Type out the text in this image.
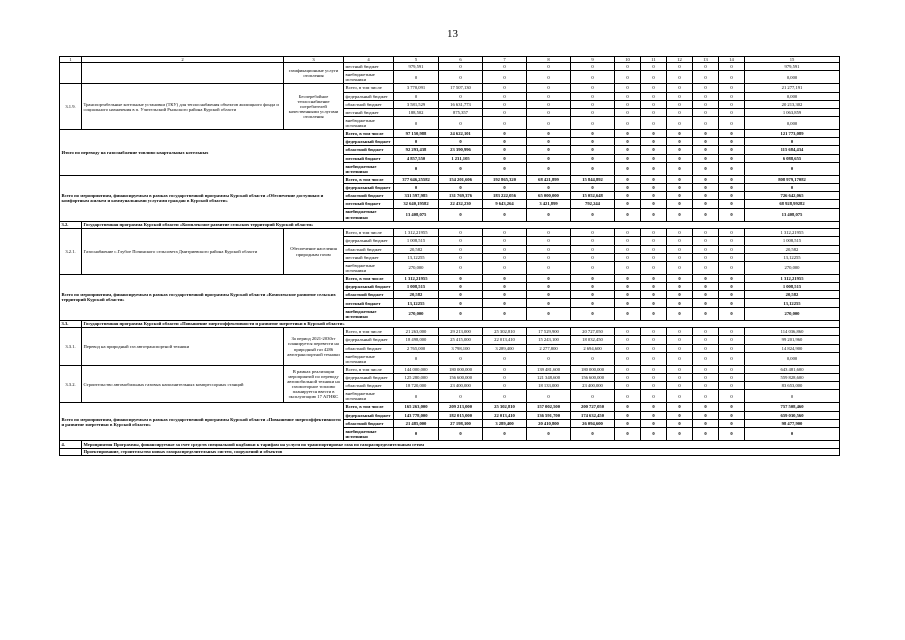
13
1	2	3	4	5	6	7	8	9	10	11	12	13	14	15
		газификационные услуги отопления	местный бюджет	979,591	0	0	0	0	0	0	0	0	0	979,591
			внебюджетные источники	0	0	0	0	0	0	0	0	0	0	0,000
3.1.9.	Транспортабельные котельные установки (ТКУ) для теплоснабжения объектов жилищного фонда и социального назначения в п. Учительский Рыльского района Курской области	Бесперебойное теплоснабжение потребителей качественными услугами отопления	Всего, в том числе	3 770,091	17 507,130	0	0	0	0	0	0	0	0	21 277,191
			федеральный бюджет	0	0	0	0	0	0	0	0	0	0	0,000
			областной бюджет	3 581,529	16 631,773	0	0	0	0	0	0	0	0	20 213,302
			местный бюджет	188,502	875,357	0	0	0	0	0	0	0	0	1 063,859
			внебюджетные источники	0	0	0	0	0	0	0	0	0	0	0,000
Итого по переводу на газоснабжение топливо квартальных котельных			Всего, в том числе	97 150,988	24 622,101	0	0	0	0	0	0	0	0	121 773,089
			федеральный бюджет	0	0	0	0	0	0	0	0	0	0	0
			областной бюджет	92 293,438	23 390,996	0	0	0	0	0	0	0	0	115 684,434
			местный бюджет	4 857,550	1 231,105	0	0	0	0	0	0	0	0	6 088,655
			внебюджетные источники	0	0	0	0	0	0	0	0	0	0	0
Всего по мероприятиям, финансируемым в рамках государственной программы Курской области «Обеспечение доступным и комфортным жильем и коммунальными услугами граждан в Курской области»			Всего, в том числе	377 646,25582	154 201,606	192 865,320	68 421,899	15 844,892	0	0	0	0	0	808 979,17082
			федеральный бюджет	0	0	0	0	0	0	0	0	0	0	0
			областной бюджет	331 597,985	131 769,376	183 222,056	65 000,000	15 052,648	0	0	0	0	0	726 642,065
			местный бюджет	32 640,19582	22 432,230	9 643,264	3 421,899	792,244	0	0	0	0	0	68 928,99282
			внебюджетные источники	13 408,075	0	0	0	0	0	0	0	0	0	13 408,075
3.2.	Государственная программа Курской области «Комплексное развитие сельских территорий Курской области»													
3.2.1.	Газоснабжение с.Глубое Починского сельсовета Дмитриевского района Курской области	Обеспечение населения природным газом	Всего, в том числе	1 312,21955	0	0	0	0	0	0	0	0	0	1 312,21955
			федеральный бюджет	1 008,515	0	0	0	0	0	0	0	0	0	1 008,515
			областной бюджет	20,582	0	0	0	0	0	0	0	0	0	20,582
			местный бюджет	13,12255	0	0	0	0	0	0	0	0	0	13,12255
			внебюджетные источники	270,000	0	0	0	0	0	0	0	0	0	270,000
Всего по мероприятиям, финансируемым в рамках государственной программы Курской области «Комплексное развитие сельских территорий Курской области»			Всего, в том числе	1 312,21955	0	0	0	0	0	0	0	0	0	1 312,21955
			федеральный бюджет	1 008,515	0	0	0	0	0	0	0	0	0	1 008,515
			областной бюджет	20,582	0	0	0	0	0	0	0	0	0	20,582
			местный бюджет	13,12255	0	0	0	0	0	0	0	0	0	13,12255
			внебюджетные источники	270,000	0	0	0	0	0	0	0	0	0	270,000
3.3.	Государственная программа Курской области «Повышение энергоэффективности и развитие энергетики в Курской области»													
3.3.1.	Перевод на природный газ автотранспортной техники	За период 2021-2030гг планируется перевести на природный газ 4286 автотранспортной техники	Всего, в том числе	21 263,000	29 213,000	25 302,810	17 529,900	20 727,050	0	0	0	0	0	114 036,860
			федеральный бюджет	18 498,000	25 415,000	22 013,410	15 243,100	18 032,450	0	0	0	0	0	99 201,960
			областной бюджет	2 765,000	3 798,100	3 289,400	2 277,800	2 694,600	0	0	0	0	0	14 824,900
			внебюджетные источники	0	0	0	0	0	0	0	0	0	0	0,000
3.3.2.	Строительство автомобильных газовых наполнительных компрессорных станций	В рамках реализации мероприятий по переводу автомобильной техники на газомоторное топливо планируется ввести в эксплуатацию 17 АГНКС	Всего, в том числе	144 000,000	180 000,000	0	139 481,600	180 000,000	0	0	0	0	0	643 481,600
			федеральный бюджет	125 280,000	156 600,000	0	121 348,600	156 600,000	0	0	0	0	0	559 828,600
			областной бюджет	18 720,000	23 400,000	0	18 133,000	23 400,000	0	0	0	0	0	83 653,000
			внебюджетные источники	0	0	0	0	0	0	0	0	0	0	0
Всего по мероприятиям, финансируемым в рамках государственной программы Курской области «Повышение энергоэффективности и развитие энергетики в Курской области»			Всего, в том числе	165 263,000	209 213,000	25 302,810	157 002,500	200 727,050	0	0	0	0	0	757 508,460
			федеральный бюджет	143 778,000	182 015,000	22 013,410	136 591,700	174 632,450	0	0	0	0	0	659 030,560
			областной бюджет	21 485,000	27 198,100	3 289,400	20 410,800	26 094,600	0	0	0	0	0	98 477,900
			внебюджетные источники	0	0	0	0	0	0	0	0	0	0	0
4.	Мероприятия Программы, финансируемые за счет средств специальной надбавки к тарифам на услуги по транспортировке газа по газораспределительным сетям													
	Проектирование, строительство новых газораспределительных систем, сооружений и объектов													
